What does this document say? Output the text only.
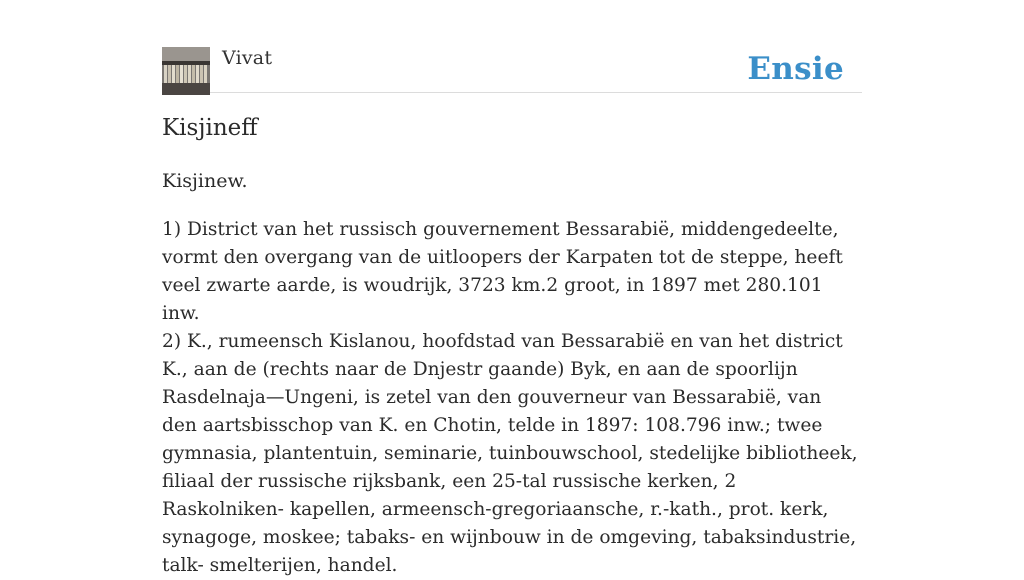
Vivat	Ensie
Kisjineff

Kisjinew.

1) District van het russisch gouvernement Bessarabië, middengedeelte, vormt den overgang van de uitloopers der Karpaten tot de steppe, heeft veel zwarte aarde, is woudrijk, 3723 km.2 groot, in 1897 met 280.101 inw.
2) K., rumeensch Kislanou, hoofdstad van Bessarabië en van het district K., aan de (rechts naar de Dnjestr gaande) Byk, en aan de spoorlijn Rasdelnaja—Ungeni, is zetel van den gouverneur van Bessarabië, van den aartsbisschop van K. en Chotin, telde in 1897: 108.796 inw.; twee gymnasia, plantentuin, seminarie, tuinbouwschool, stedelijke bibliotheek, filiaal der russische rijksbank, een 25-tal russische kerken, 2 Raskolniken- kapellen, armeensch-gregoriaansche, r.-kath., prot. kerk, synagoge, moskee; tabaks- en wijnbouw in de omgeving, tabaksindustrie, talk- smelterijen, handel.
